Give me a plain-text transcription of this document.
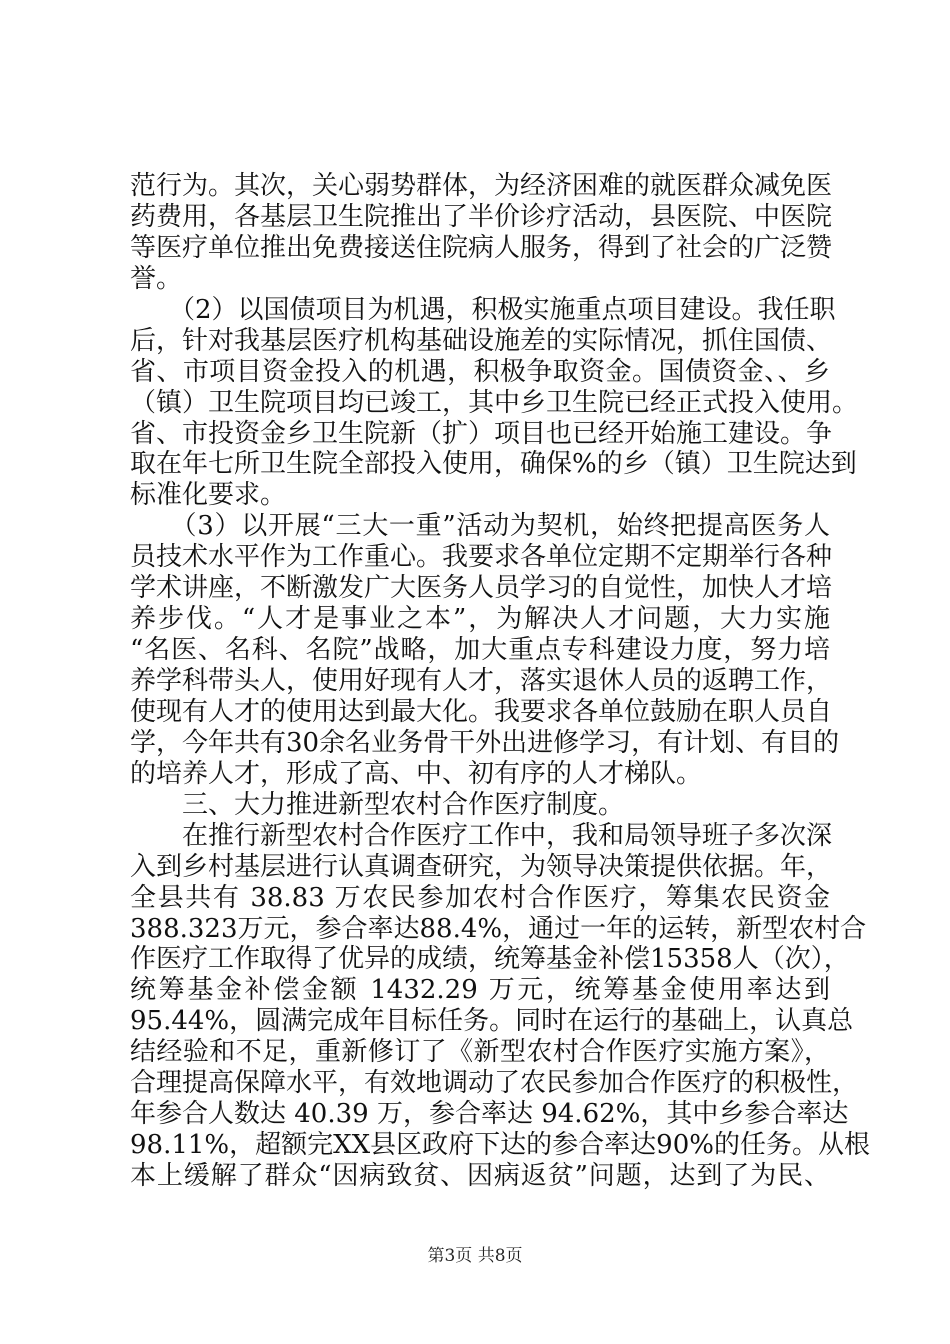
范行为。其次，关心弱势群体，为经济困难的就医群众减免医
药费用，各基层卫生院推出了半价诊疗活动，县医院、中医院
等医疗单位推出免费接送住院病人服务，得到了社会的广泛赞
誉。
　　（2）以国债项目为机遇，积极实施重点项目建设。我任职
后，针对我基层医疗机构基础设施差的实际情况，抓住国债、
省、市项目资金投入的机遇，积极争取资金。国债资金、、乡
（镇）卫生院项目均已竣工，其中乡卫生院已经正式投入使用。
省、市投资金乡卫生院新（扩）项目也已经开始施工建设。争
取在年七所卫生院全部投入使用，确保%的乡（镇）卫生院达到
标准化要求。
　　（3）以开展“三大一重”活动为契机，始终把提高医务人
员技术水平作为工作重心。我要求各单位定期不定期举行各种
学术讲座，不断激发广大医务人员学习的自觉性，加快人才培
养步伐。“人才是事业之本”，为解决人才问题，大力实施
“名医、名科、名院”战略，加大重点专科建设力度，努力培
养学科带头人，使用好现有人才，落实退休人员的返聘工作，
使现有人才的使用达到最大化。我要求各单位鼓励在职人员自
学，今年共有30余名业务骨干外出进修学习，有计划、有目的
的培养人才，形成了高、中、初有序的人才梯队。
　　三、大力推进新型农村合作医疗制度。
　　在推行新型农村合作医疗工作中，我和局领导班子多次深
入到乡村基层进行认真调查研究，为领导决策提供依据。年，
全县共有 38.83 万农民参加农村合作医疗，筹集农民资金
388.323万元，参合率达88.4%，通过一年的运转，新型农村合
作医疗工作取得了优异的成绩，统筹基金补偿15358人（次），
统筹基金补偿金额 1432.29 万元，统筹基金使用率达到
95.44%，圆满完成年目标任务。同时在运行的基础上，认真总
结经验和不足，重新修订了《新型农村合作医疗实施方案》，
合理提高保障水平，有效地调动了农民参加合作医疗的积极性，
年参合人数达 40.39 万，参合率达 94.62%，其中乡参合率达
98.11%，超额完XX县区政府下达的参合率达90%的任务。从根
本上缓解了群众“因病致贫、因病返贫”问题，达到了为民、
第3页 共8页
